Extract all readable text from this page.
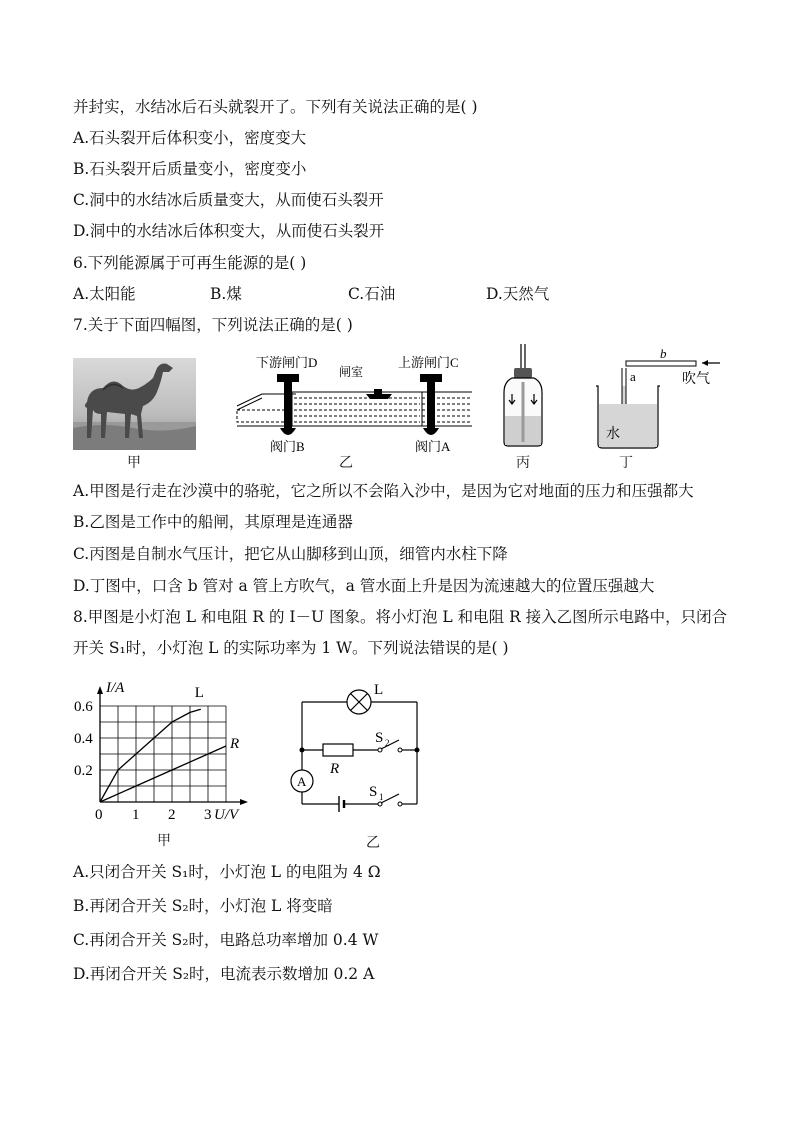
并封实，水结冰后石头就裂开了。下列有关说法正确的是( )
A.石头裂开后体积变小，密度变大
B.石头裂开后质量变小，密度变小
C.洞中的水结冰后质量变大，从而使石头裂开
D.洞中的水结冰后体积变大，从而使石头裂开
6.下列能源属于可再生能源的是( )
A.太阳能	B.煤	C.石油	D.天然气
7.关于下面四幅图，下列说法正确的是( )
下游闸门D
闸室
上游闸门C
阀门B	阀门A
b
吹气
a
水
甲	乙	丙	丁
A.甲图是行走在沙漠中的骆驼，它之所以不会陷入沙中，是因为它对地面的压力和压强都大
B.乙图是工作中的船闸，其原理是连通器
C.丙图是自制水气压计，把它从山脚移到山顶，细管内水柱下降
D.丁图中，口含 b 管对 a 管上方吹气，a 管水面上升是因为流速越大的位置压强越大
8.甲图是小灯泡 L 和电阻 R 的 I－U 图象。将小灯泡 L 和电阻 R 接入乙图所示电路中，只闭合
开关 S₁时，小灯泡 L 的实际功率为 1 W。下列说法错误的是( )
L
R
0 1 2 3
0.2
0.4
0.6
I/A
U/V
甲
L
A
R
S 2
S 1
乙
A.只闭合开关 S₁时，小灯泡 L 的电阻为 4 Ω
B.再闭合开关 S₂时，小灯泡 L 将变暗
C.再闭合开关 S₂时，电路总功率增加 0.4 W
D.再闭合开关 S₂时，电流表示数增加 0.2 A
